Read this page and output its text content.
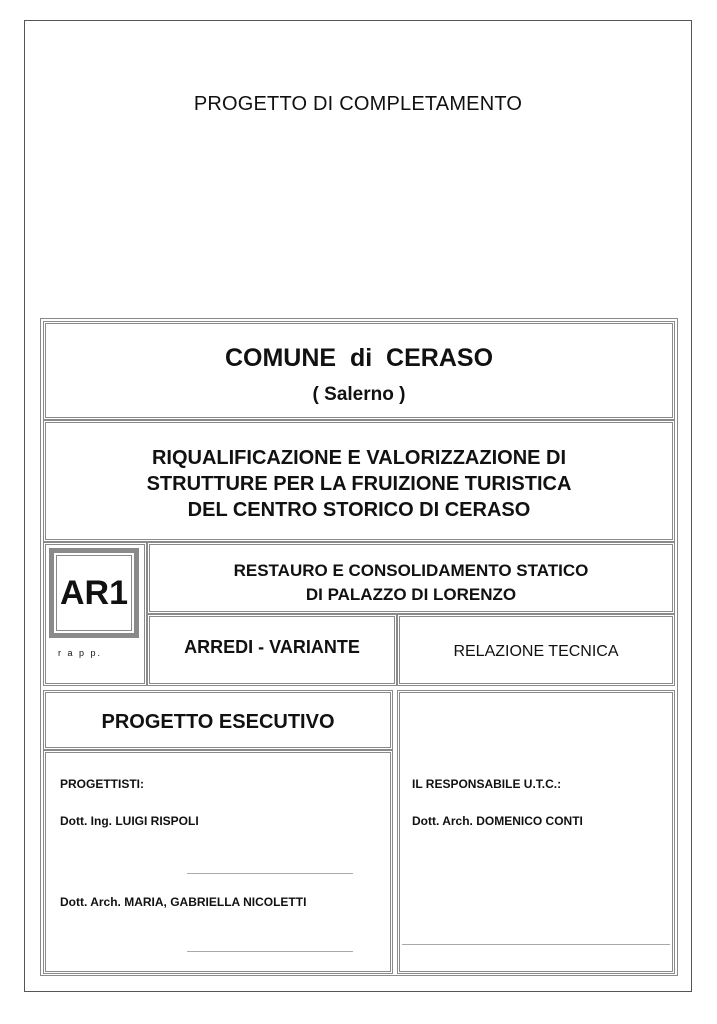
PROGETTO DI COMPLETAMENTO
COMUNE  di  CERASO
( Salerno )
RIQUALIFICAZIONE E VALORIZZAZIONE DI
STRUTTURE PER LA FRUIZIONE TURISTICA
DEL CENTRO STORICO DI CERASO
AR1
r a p p.
RESTAURO E CONSOLIDAMENTO STATICO
DI PALAZZO DI LORENZO
ARREDI - VARIANTE	RELAZIONE TECNICA
PROGETTO ESECUTIVO
PROGETTISTI:
Dott. Ing. LUIGI RISPOLI
Dott. Arch. MARIA, GABRIELLA NICOLETTI
IL RESPONSABILE U.T.C.:
Dott. Arch. DOMENICO CONTI
